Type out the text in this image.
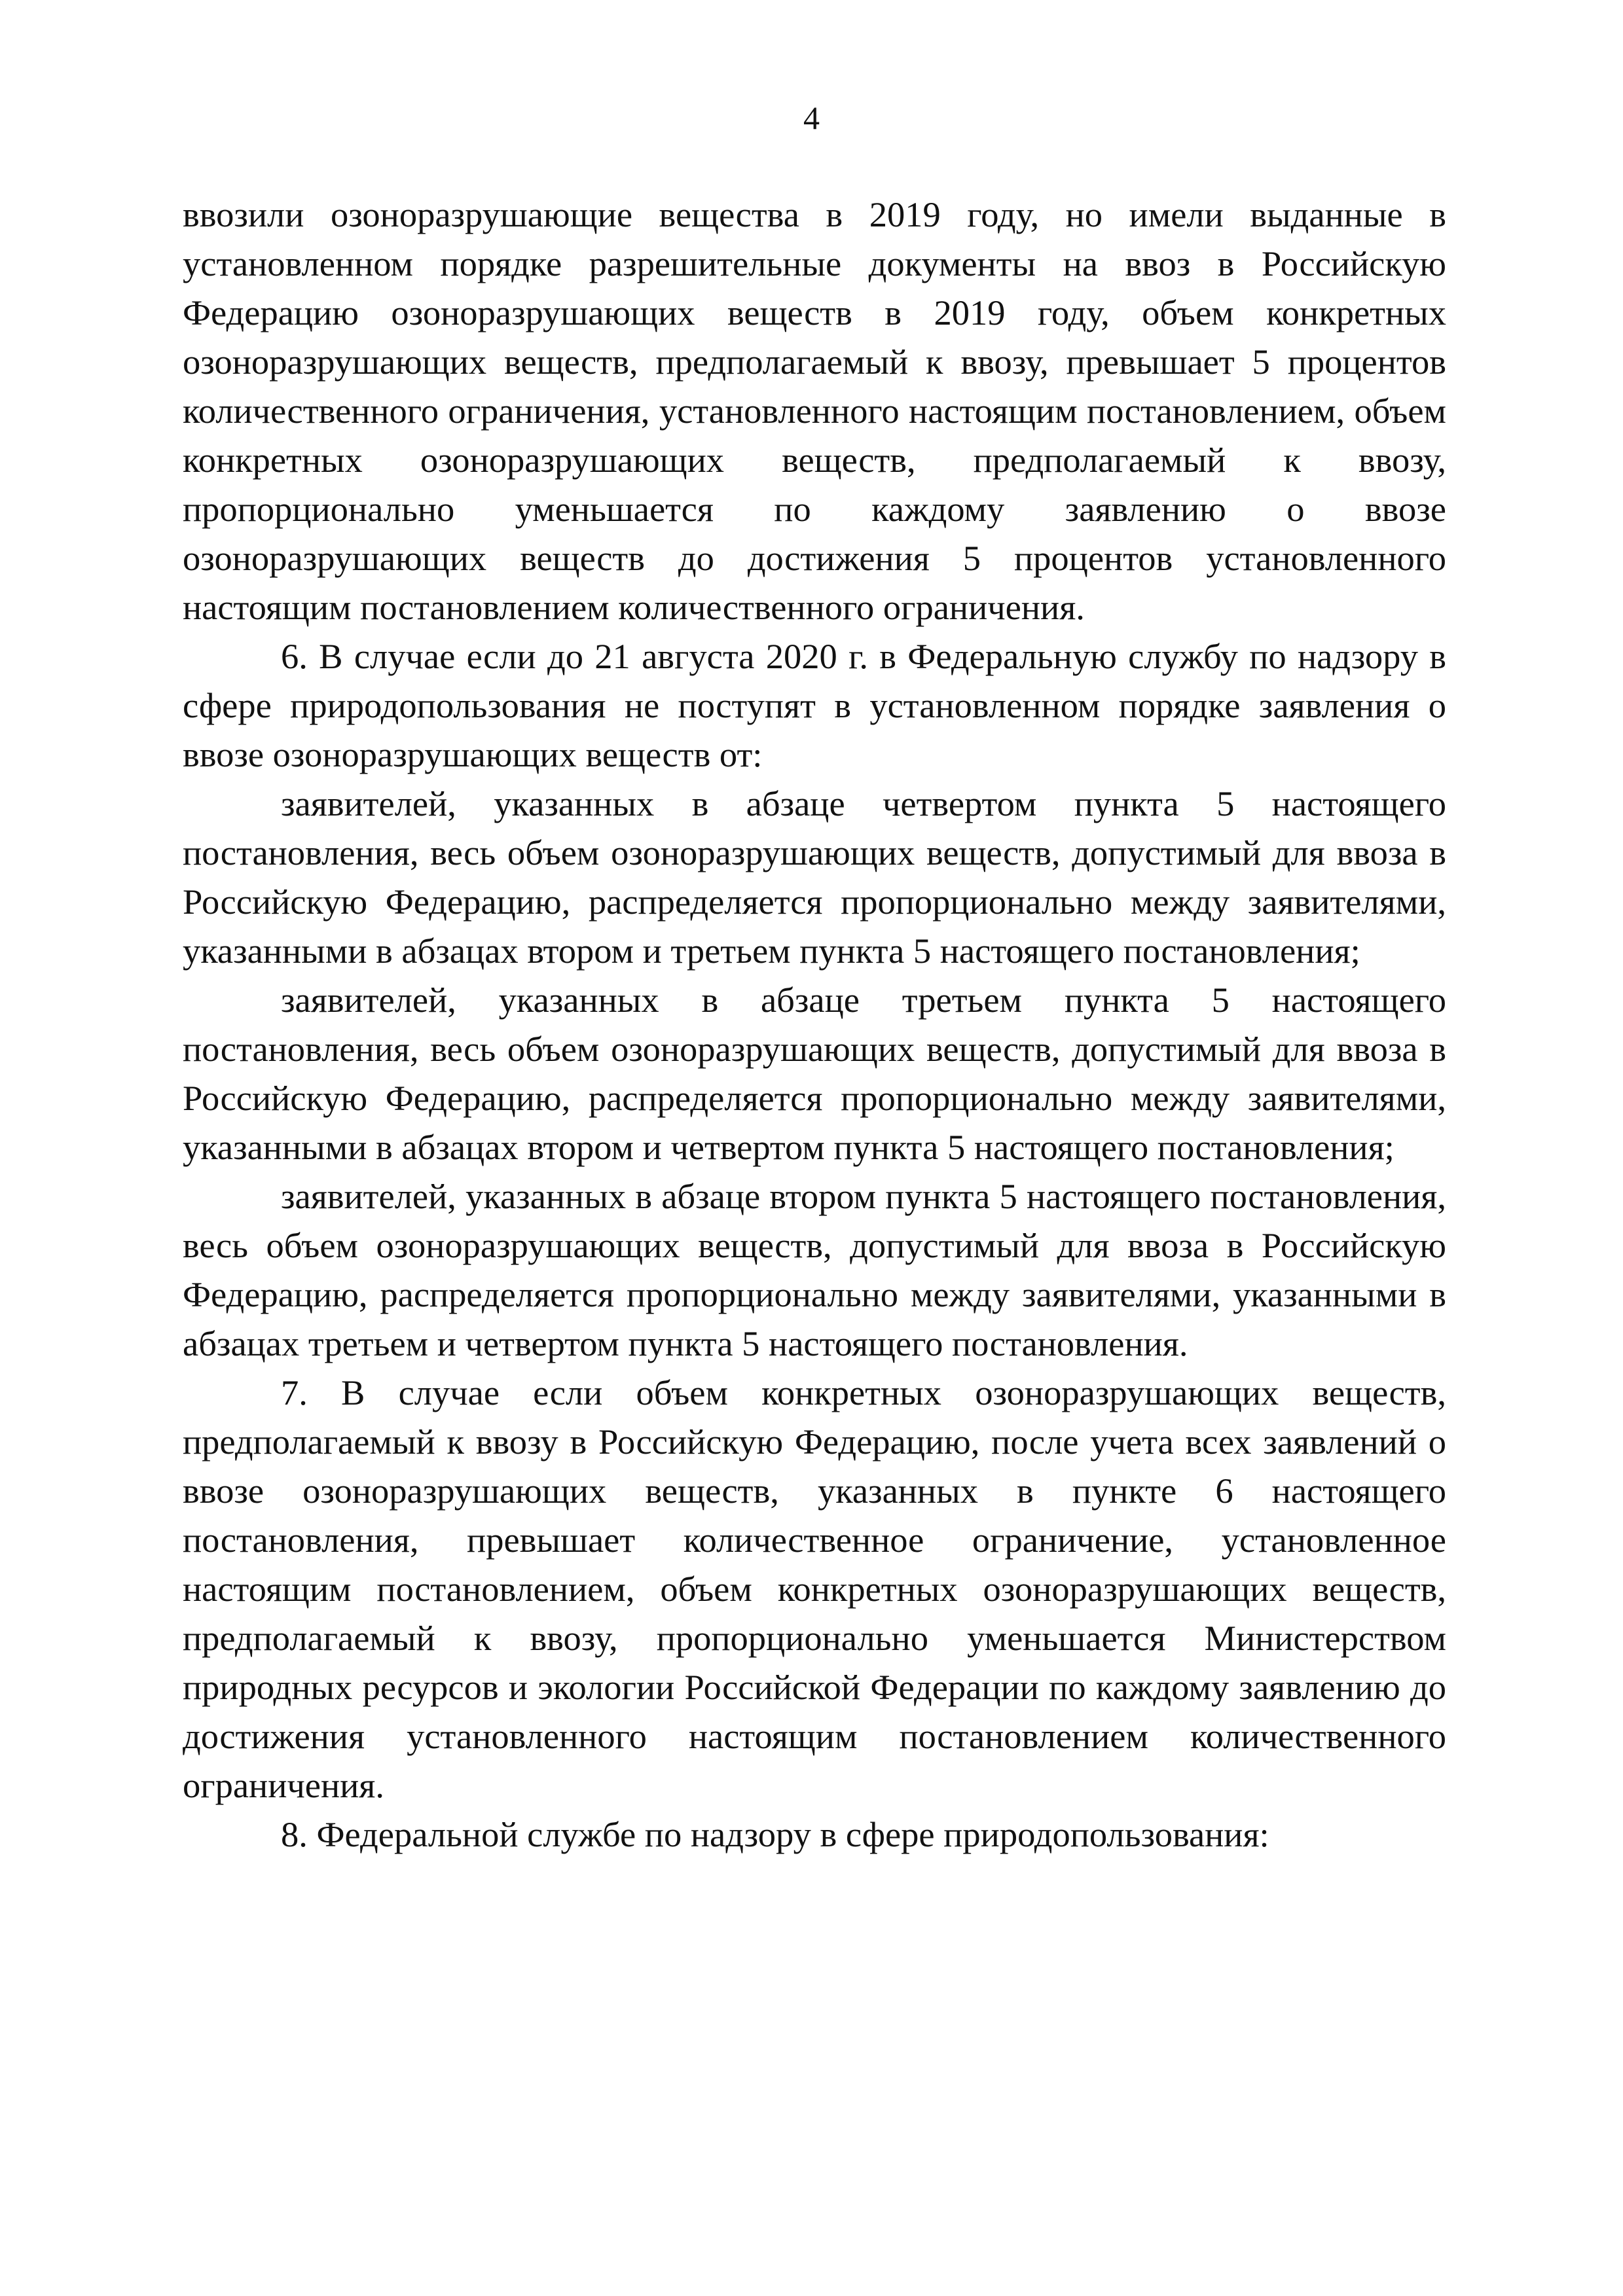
4

ввозили озоноразрушающие вещества в 2019 году, но имели выданные в установленном порядке разрешительные документы на ввоз в Российскую Федерацию озоноразрушающих веществ в 2019 году, объем конкретных озоноразрушающих веществ, предполагаемый к ввозу, превышает 5 процентов количественного ограничения, установленного настоящим постановлением, объем конкретных озоноразрушающих веществ, предполагаемый к ввозу, пропорционально уменьшается по каждому заявлению о ввозе озоноразрушающих веществ до достижения 5 процентов установленного настоящим постановлением количественного ограничения.

6. В случае если до 21 августа 2020 г. в Федеральную службу по надзору в сфере природопользования не поступят в установленном порядке заявления о ввозе озоноразрушающих веществ от:

заявителей, указанных в абзаце четвертом пункта 5 настоящего постановления, весь объем озоноразрушающих веществ, допустимый для ввоза в Российскую Федерацию, распределяется пропорционально между заявителями, указанными в абзацах втором и третьем пункта 5 настоящего постановления;

заявителей, указанных в абзаце третьем пункта 5 настоящего постановления, весь объем озоноразрушающих веществ, допустимый для ввоза в Российскую Федерацию, распределяется пропорционально между заявителями, указанными в абзацах втором и четвертом пункта 5 настоящего постановления;

заявителей, указанных в абзаце втором пункта 5 настоящего постановления, весь объем озоноразрушающих веществ, допустимый для ввоза в Российскую Федерацию, распределяется пропорционально между заявителями, указанными в абзацах третьем и четвертом пункта 5 настоящего постановления.

7. В случае если объем конкретных озоноразрушающих веществ, предполагаемый к ввозу в Российскую Федерацию, после учета всех заявлений о ввозе озоноразрушающих веществ, указанных в пункте 6 настоящего постановления, превышает количественное ограничение, установленное настоящим постановлением, объем конкретных озоноразрушающих веществ, предполагаемый к ввозу, пропорционально уменьшается Министерством природных ресурсов и экологии Российской Федерации по каждому заявлению до достижения установленного настоящим постановлением количественного ограничения.

8. Федеральной службе по надзору в сфере природопользования:
